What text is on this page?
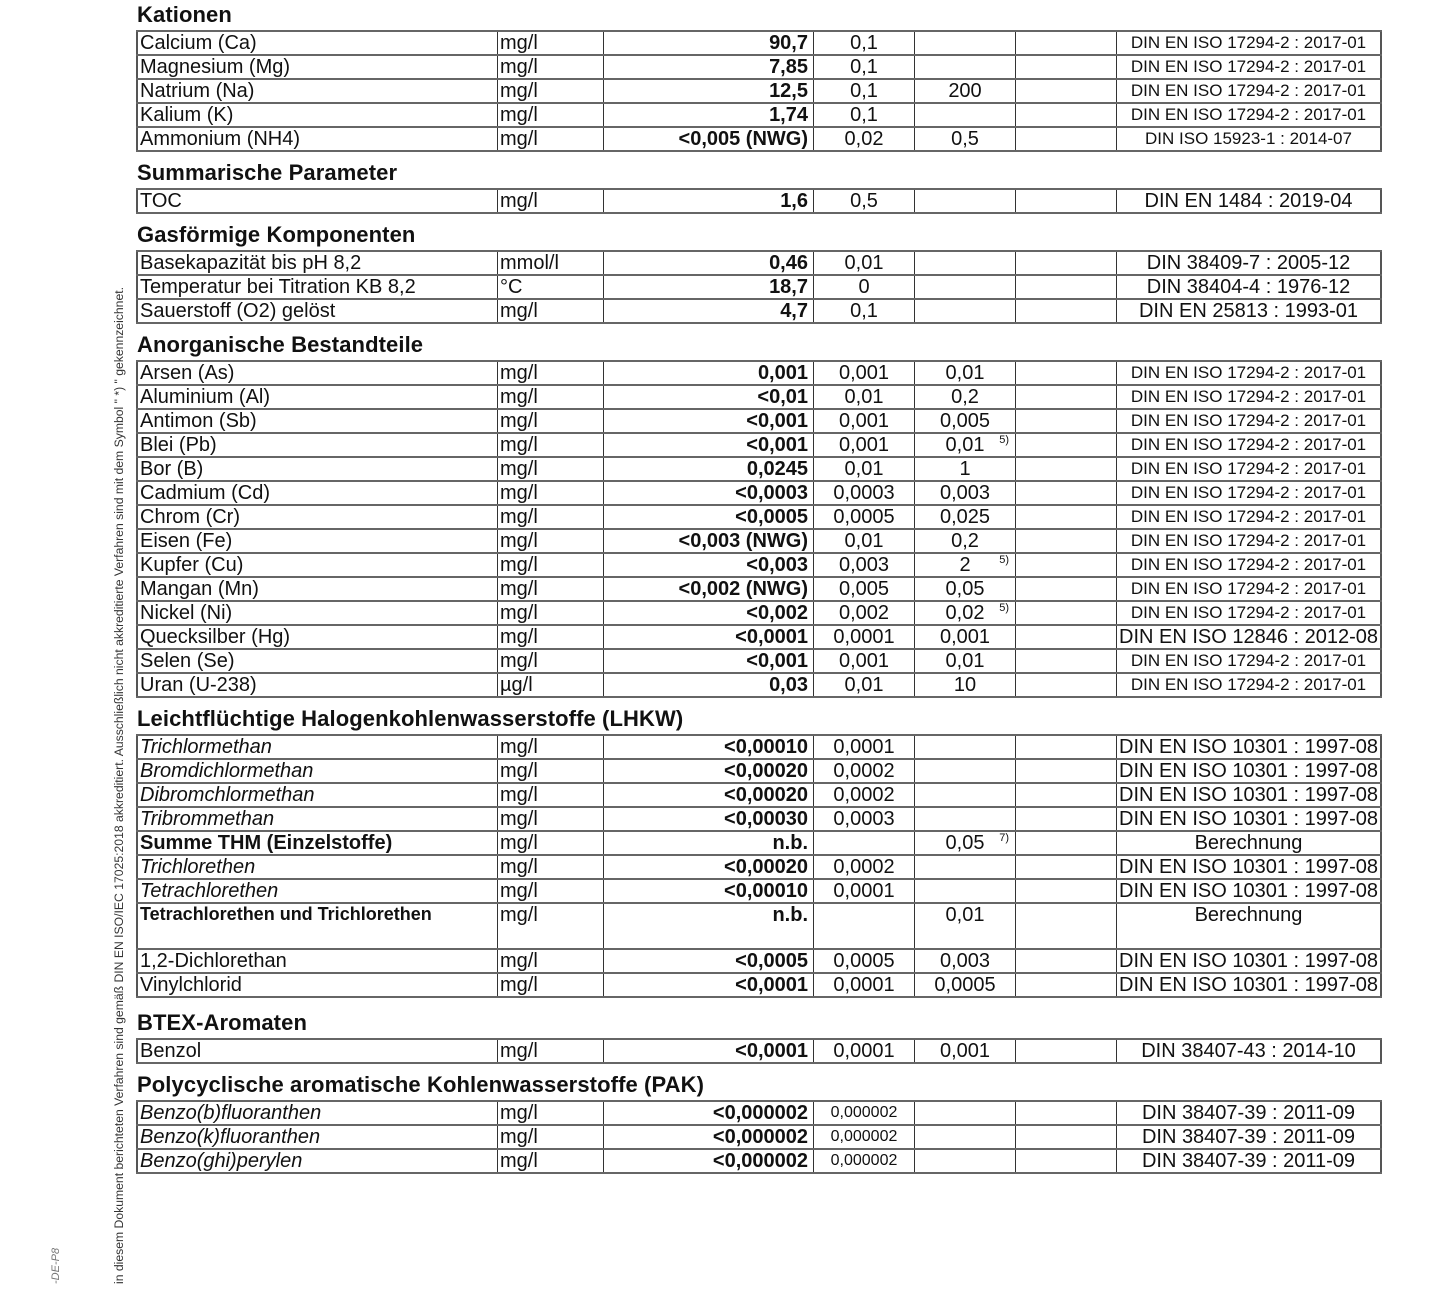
-DE-P8	in diesem Dokument berichteten Verfahren sind gemäß DIN EN ISO/IEC 17025:2018 akkreditiert. Ausschließlich nicht akkreditierte Verfahren sind mit dem Symbol " *) " gekennzeichnet.
Kationen
Calcium (Ca)	mg/l	90,7	0,1			DIN EN ISO 17294-2 : 2017-01
Magnesium (Mg)	mg/l	7,85	0,1			DIN EN ISO 17294-2 : 2017-01
Natrium (Na)	mg/l	12,5	0,1	200		DIN EN ISO 17294-2 : 2017-01
Kalium (K)	mg/l	1,74	0,1			DIN EN ISO 17294-2 : 2017-01
Ammonium (NH4)	mg/l	<0,005 (NWG)	0,02	0,5		DIN ISO 15923-1 : 2014-07
Summarische Parameter
TOC	mg/l	1,6	0,5			DIN EN 1484 : 2019-04
Gasförmige Komponenten
Basekapazität bis pH 8,2	mmol/l	0,46	0,01			DIN 38409-7 : 2005-12
Temperatur bei Titration KB 8,2	°C	18,7	0			DIN 38404-4 : 1976-12
Sauerstoff (O2) gelöst	mg/l	4,7	0,1			DIN EN 25813 : 1993-01
Anorganische Bestandteile
Arsen (As)	mg/l	0,001	0,001	0,01		DIN EN ISO 17294-2 : 2017-01
Aluminium (Al)	mg/l	<0,01	0,01	0,2		DIN EN ISO 17294-2 : 2017-01
Antimon (Sb)	mg/l	<0,001	0,001	0,005		DIN EN ISO 17294-2 : 2017-01
Blei (Pb)	mg/l	<0,001	0,001	0,01 5)		DIN EN ISO 17294-2 : 2017-01
Bor (B)	mg/l	0,0245	0,01	1		DIN EN ISO 17294-2 : 2017-01
Cadmium (Cd)	mg/l	<0,0003	0,0003	0,003		DIN EN ISO 17294-2 : 2017-01
Chrom (Cr)	mg/l	<0,0005	0,0005	0,025		DIN EN ISO 17294-2 : 2017-01
Eisen (Fe)	mg/l	<0,003 (NWG)	0,01	0,2		DIN EN ISO 17294-2 : 2017-01
Kupfer (Cu)	mg/l	<0,003	0,003	2 5)		DIN EN ISO 17294-2 : 2017-01
Mangan (Mn)	mg/l	<0,002 (NWG)	0,005	0,05		DIN EN ISO 17294-2 : 2017-01
Nickel (Ni)	mg/l	<0,002	0,002	0,02 5)		DIN EN ISO 17294-2 : 2017-01
Quecksilber (Hg)	mg/l	<0,0001	0,0001	0,001		DIN EN ISO 12846 : 2012-08
Selen (Se)	mg/l	<0,001	0,001	0,01		DIN EN ISO 17294-2 : 2017-01
Uran (U-238)	µg/l	0,03	0,01	10		DIN EN ISO 17294-2 : 2017-01
Leichtflüchtige Halogenkohlenwasserstoffe (LHKW)
Trichlormethan	mg/l	<0,00010	0,0001			DIN EN ISO 10301 : 1997-08
Bromdichlormethan	mg/l	<0,00020	0,0002			DIN EN ISO 10301 : 1997-08
Dibromchlormethan	mg/l	<0,00020	0,0002			DIN EN ISO 10301 : 1997-08
Tribrommethan	mg/l	<0,00030	0,0003			DIN EN ISO 10301 : 1997-08
Summe THM (Einzelstoffe)	mg/l	n.b.		0,05 7)		Berechnung
Trichlorethen	mg/l	<0,00020	0,0002			DIN EN ISO 10301 : 1997-08
Tetrachlorethen	mg/l	<0,00010	0,0001			DIN EN ISO 10301 : 1997-08
Tetrachlorethen und Trichlorethen	mg/l	n.b.		0,01		Berechnung
1,2-Dichlorethan	mg/l	<0,0005	0,0005	0,003		DIN EN ISO 10301 : 1997-08
Vinylchlorid	mg/l	<0,0001	0,0001	0,0005		DIN EN ISO 10301 : 1997-08
BTEX-Aromaten
Benzol	mg/l	<0,0001	0,0001	0,001		DIN 38407-43 : 2014-10
Polycyclische aromatische Kohlenwasserstoffe (PAK)
Benzo(b)fluoranthen	mg/l	<0,000002	0,000002			DIN 38407-39 : 2011-09
Benzo(k)fluoranthen	mg/l	<0,000002	0,000002			DIN 38407-39 : 2011-09
Benzo(ghi)perylen	mg/l	<0,000002	0,000002			DIN 38407-39 : 2011-09
